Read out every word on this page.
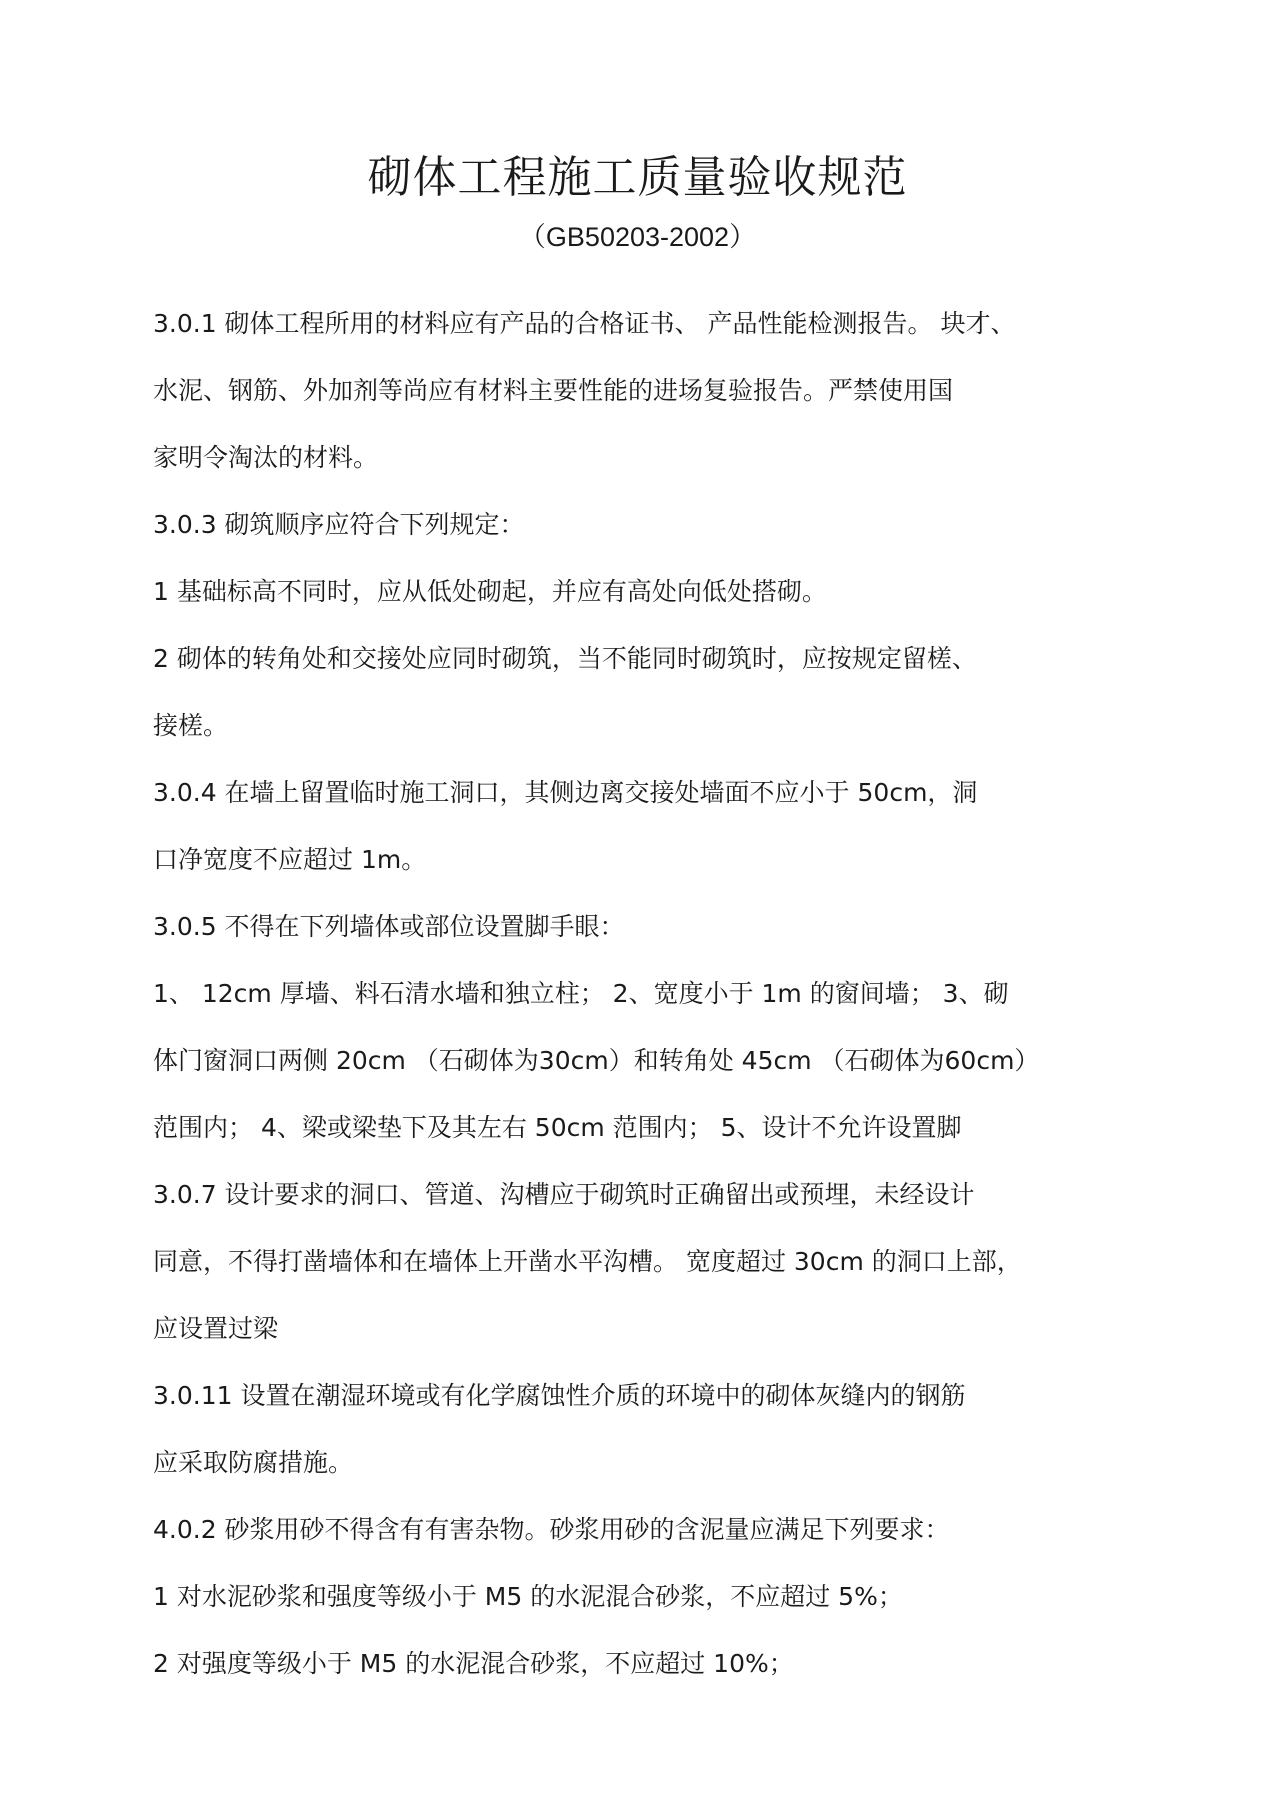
砌体工程施工质量验收规范
（GB50203-2002）
3.0.1 砌体工程所用的材料应有产品的合格证书、 产品性能检测报告。 块才、
水泥、钢筋、外加剂等尚应有材料主要性能的进场复验报告。严禁使用国
家明令淘汰的材料。
3.0.3 砌筑顺序应符合下列规定：
1 基础标高不同时，应从低处砌起，并应有高处向低处搭砌。
2 砌体的转角处和交接处应同时砌筑，当不能同时砌筑时，应按规定留槎、
接槎。
3.0.4 在墙上留置临时施工洞口，其侧边离交接处墙面不应小于 50cm，洞
口净宽度不应超过 1m。
3.0.5 不得在下列墙体或部位设置脚手眼：
1、 12cm 厚墙、料石清水墙和独立柱； 2、宽度小于 1m 的窗间墙； 3、砌
体门窗洞口两侧 20cm （石砌体为30cm）和转角处 45cm （石砌体为60cm）
范围内； 4、梁或梁垫下及其左右 50cm 范围内； 5、设计不允许设置脚
3.0.7 设计要求的洞口、管道、沟槽应于砌筑时正确留出或预埋，未经设计
同意，不得打凿墙体和在墙体上开凿水平沟槽。 宽度超过 30cm 的洞口上部，
应设置过梁
3.0.11 设置在潮湿环境或有化学腐蚀性介质的环境中的砌体灰缝内的钢筋
应采取防腐措施。
4.0.2 砂浆用砂不得含有有害杂物。砂浆用砂的含泥量应满足下列要求：
1 对水泥砂浆和强度等级小于 M5 的水泥混合砂浆，不应超过 5%；
2 对强度等级小于 M5 的水泥混合砂浆，不应超过 10%；
